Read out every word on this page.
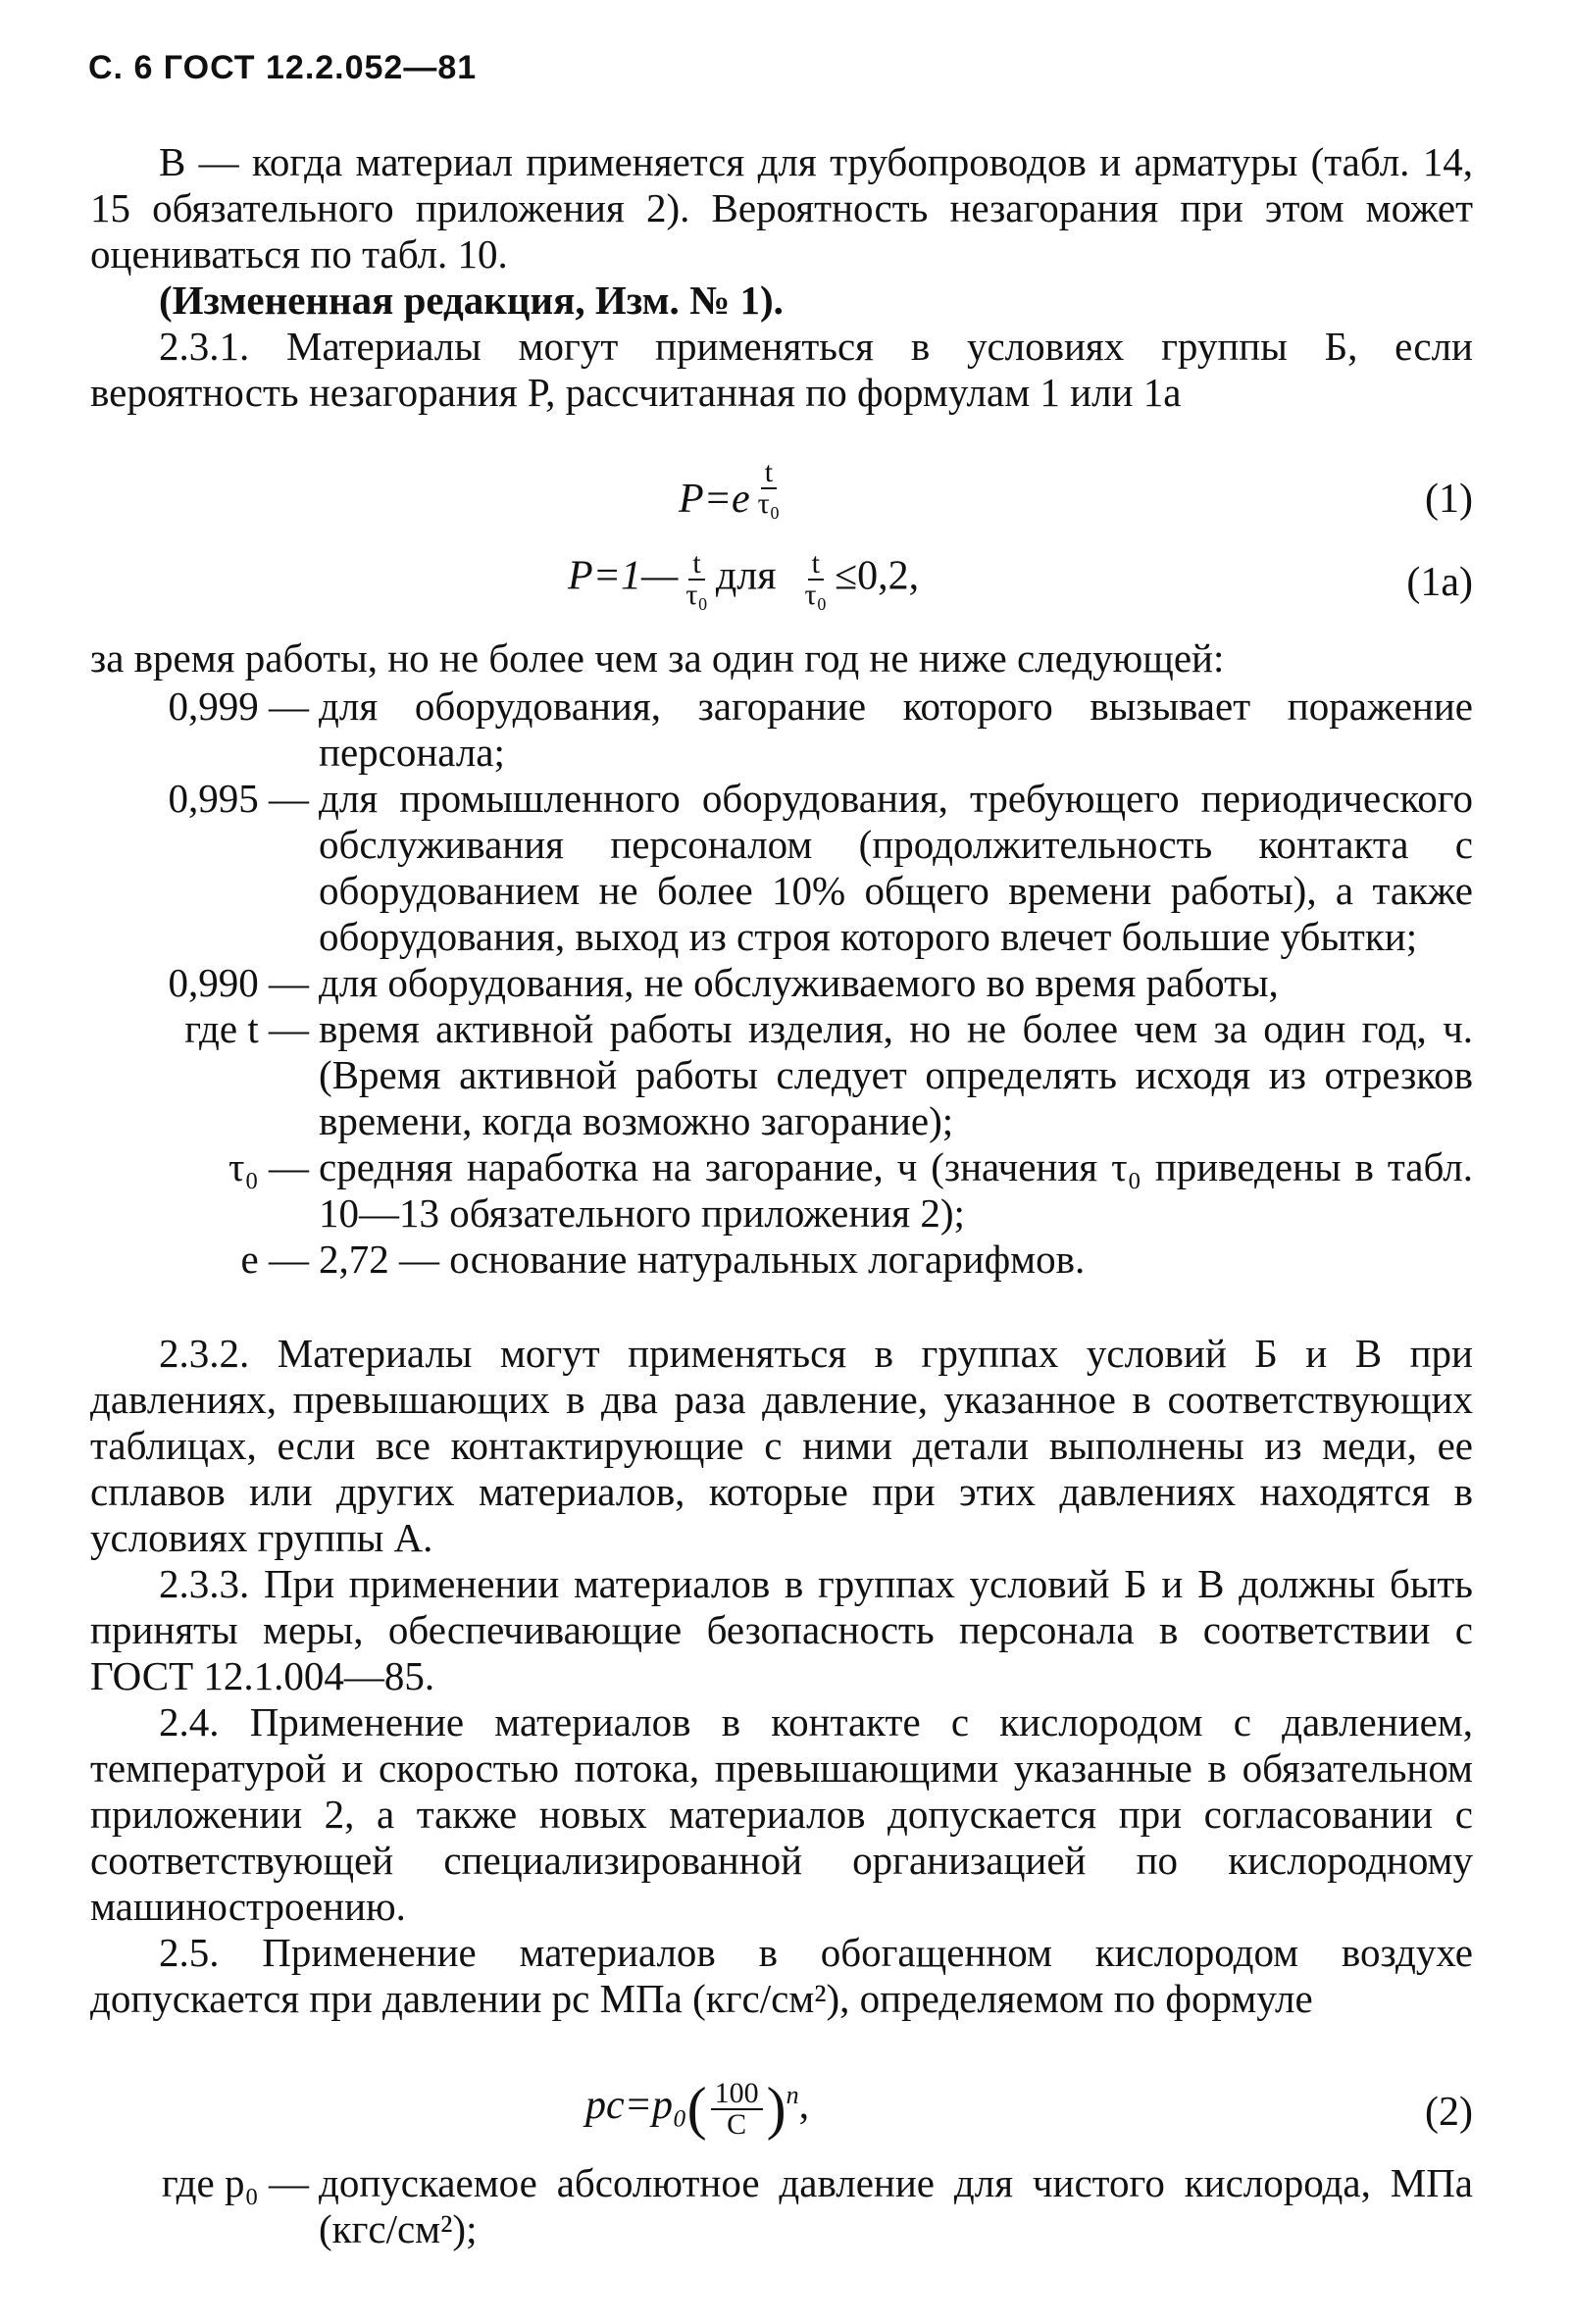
С. 6 ГОСТ 12.2.052—81

В — когда материал применяется для трубопроводов и арматуры (табл. 14, 15 обязательного приложения 2). Вероятность незагорания при этом может оцениваться по табл. 10.

(Измененная редакция, Изм. № 1).

2.3.1. Материалы могут применяться в условиях группы Б, если вероятность незагорания P, рассчитанная по формулам 1 или 1а

$P=e \frac{t}{\text{τ₀}}$	(1)
P=1— $\frac{t}{\text{τ₀}}$ для $\frac{t}{\text{τ₀}} \le 0,2$,	(1а)

за время работы, но не более чем за один год не ниже следующей:

0,999 — для оборудования, загорание которого вызывает поражение персонала;
0,995 — для промышленного оборудования, требующего периодического обслуживания персоналом (продолжительность контакта с оборудованием не более 10% общего времени работы), а также оборудования, выход из строя которого влечет большие убытки;
0,990 — для оборудования, не обслуживаемого во время работы,
где t — время активной работы изделия, но не более чем за один год, ч. (Время активной работы следует определять исходя из отрезков времени, когда возможно загорание);
τ₀ — средняя наработка на загорание, ч (значения τ₀ приведены в табл. 10—13 обязательного приложения 2);
е — 2,72 — основание натуральных логарифмов.

2.3.2. Материалы могут применяться в группах условий Б и В при давлениях, превышающих в два раза давление, указанное в соответствующих таблицах, если все контактирующие с ними детали выполнены из меди, ее сплавов или других материалов, которые при этих давлениях находятся в условиях группы А.

2.3.3. При применении материалов в группах условий Б и В должны быть приняты меры, обеспечивающие безопасность персонала в соответствии с ГОСТ 12.1.004—85.

2.4. Применение материалов в контакте с кислородом с давлением, температурой и скоростью потока, превышающими указанные в обязательном приложении 2, а также новых материалов допускается при согласовании с соответствующей специализированной организацией по кислородному машиностроению.

2.5. Применение материалов в обогащенном кислородом воздухе допускается при давлении pс МПа (кгс/см²), определяемом по формуле

$pс=p_0( \frac{100}{C} )^n$,	(2)
где p₀ — допускаемое абсолютное давление для чистого кислорода, МПа (кгс/см²);
